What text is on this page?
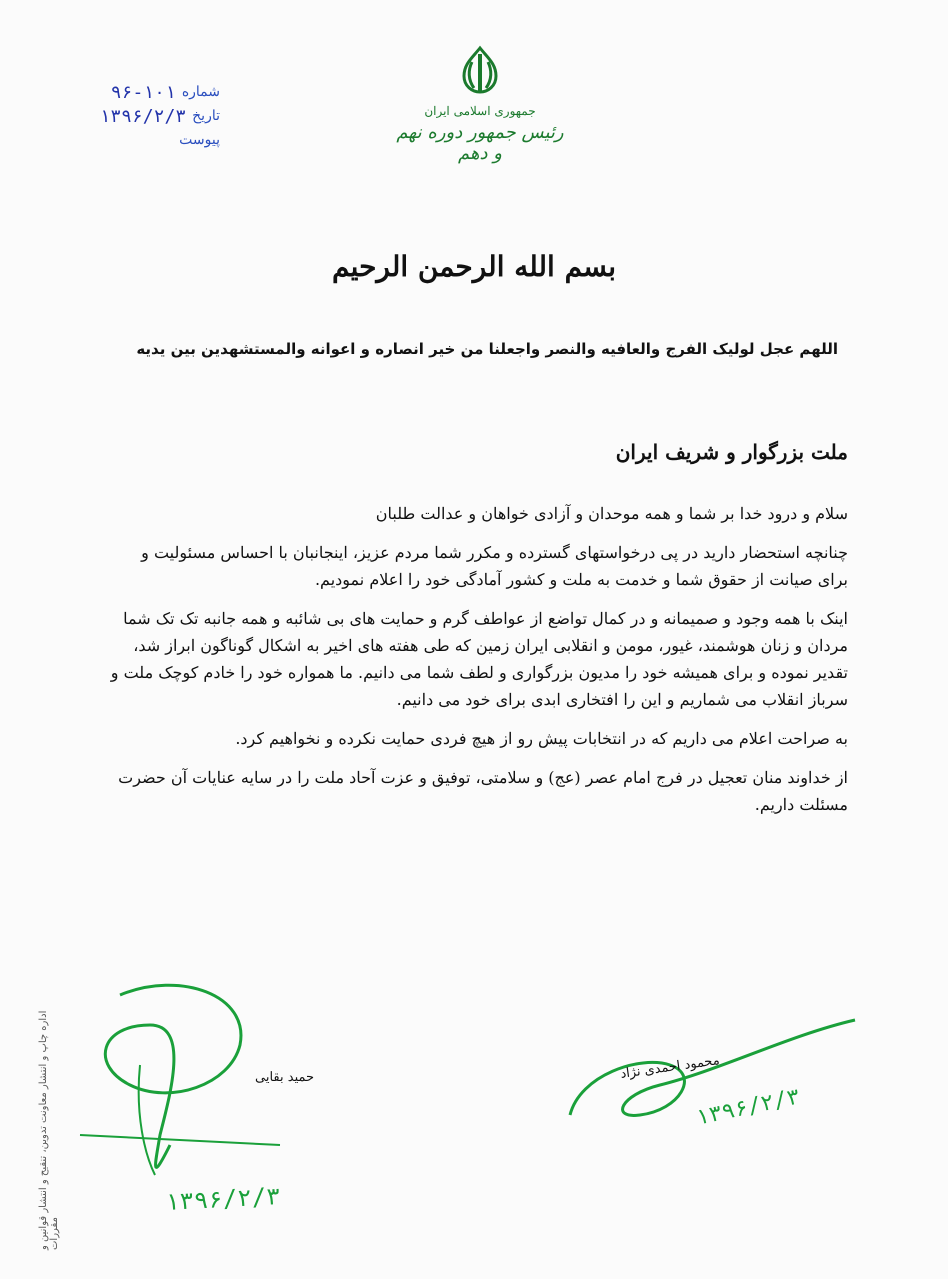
شماره
۹۶-۱۰۱
تاریخ
۱۳۹۶/۲/۳
پیوست
جمهوری اسلامی ایران
رئیس جمهور دوره نهم و دهم
بسم الله الرحمن الرحیم
اللهم عجل لولیک الفرج والعافیه والنصر واجعلنا من خیر انصاره و اعوانه والمستشهدین بین یدیه
ملت بزرگوار و شریف ایران

سلام و درود خدا بر شما و همه موحدان و آزادی خواهان و عدالت طلبان

چنانچه استحضار دارید در پی درخواستهای گسترده و مکرر شما مردم عزیز، اینجانبان با احساس مسئولیت و برای صیانت از حقوق شما و خدمت به ملت و کشور آمادگی خود را اعلام نمودیم.

اینک با همه وجود و صمیمانه و در کمال تواضع از عواطف گرم و حمایت های بی شائبه و همه جانبه تک تک شما مردان و زنان هوشمند، غیور، مومن و انقلابی ایران زمین که طی هفته های اخیر به اشکال گوناگون ابراز شد، تقدیر نموده و برای همیشه خود را مدیون بزرگواری و لطف شما می دانیم. ما همواره خود را خادم کوچک ملت و سرباز انقلاب می شماریم و این را افتخاری ابدی برای خود می دانیم.

به صراحت اعلام می داریم که در انتخابات پیش رو از هیچ فردی حمایت نکرده و نخواهیم کرد.

از خداوند منان تعجیل در فرج امام عصر (عج) و سلامتی، توفیق و عزت آحاد ملت را در سایه عنایات آن حضرت مسئلت داریم.

اداره چاپ و انتشار معاونت تدوین، تنقیح و انتشار قوانین و مقررات
حمید بقایی
۱۳۹۶/۲/۳
محمود احمدی نژاد
۱۳۹۶/۲/۳
